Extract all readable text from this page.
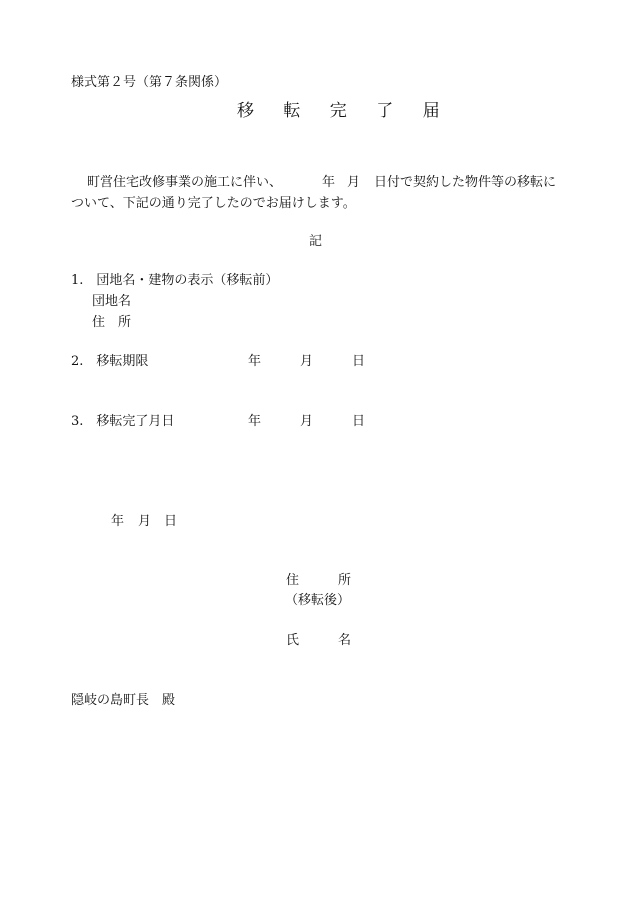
様式第２号（第７条関係）
移 転 完 了 届
町営住宅改修事業の施工に伴い、	年 月 日付で契約した物件等の移転に
ついて、下記の通り完了したのでお届けします。
記
1.　団地名・建物の表示（移転前）
団地名
住　所
2.　移転期限	年	月	日
3.　移転完了月日	年	月	日
年 月 日
住	所
（移転後）
氏	名
隠岐の島町長　殿
